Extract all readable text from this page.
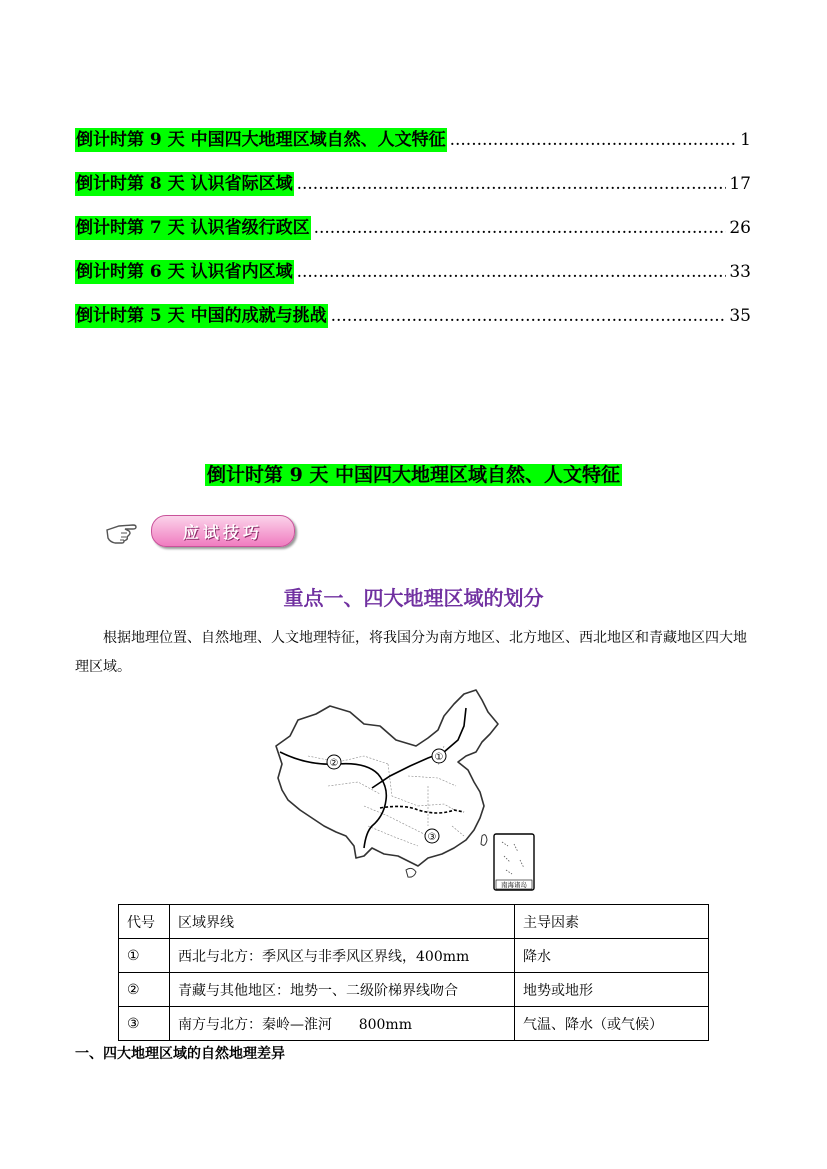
倒计时第 9 天 中国四大地理区域自然、人文特征 .....	1
倒计时第 8 天 认识省际区域 .....	17
倒计时第 7 天 认识省级行政区 .....	26
倒计时第 6 天 认识省内区域 .....	33
倒计时第 5 天 中国的成就与挑战 .....	35
倒计时第 9 天 中国四大地理区域自然、人文特征
应试技巧
重点一、四大地理区域的划分
根据地理位置、自然地理、人文地理特征，将我国分为南方地区、北方地区、西北地区和青藏地区四大地理区域。
①
②
③
南海诸岛
代号	区域界线	主导因素
①	西北与北方：季风区与非季风区界线，400mm	降水
②	青藏与其他地区：地势一、二级阶梯界线吻合	地势或地形
③	南方与北方：秦岭—淮河      800mm	气温、降水（或气候）
一、四大地理区域的自然地理差异
